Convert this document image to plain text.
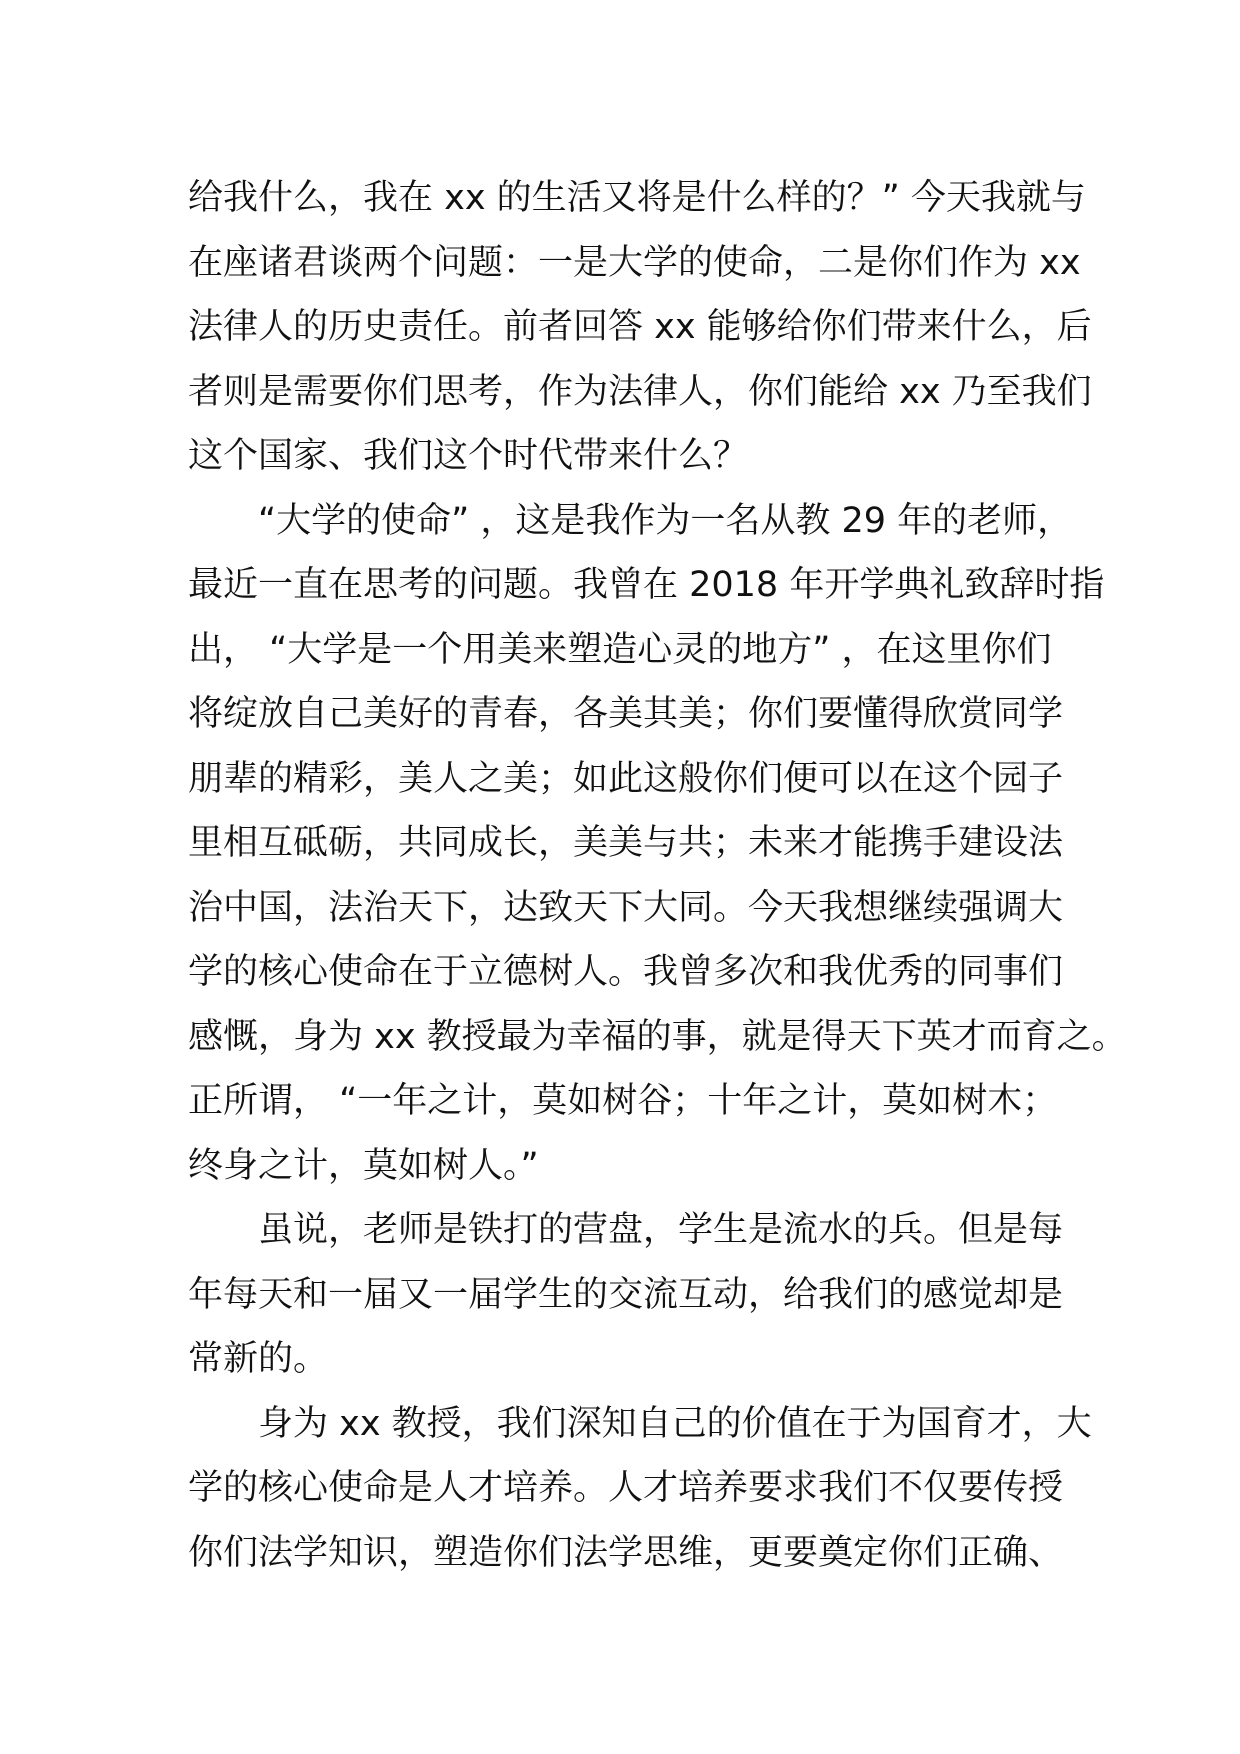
给我什么，我在 xx 的生活又将是什么样的？” 今天我就与
在座诸君谈两个问题：一是大学的使命，二是你们作为 xx
法律人的历史责任。前者回答 xx 能够给你们带来什么，后
者则是需要你们思考，作为法律人，你们能给 xx 乃至我们
这个国家、我们这个时代带来什么？
“大学的使命” ，这是我作为一名从教 29 年的老师，
最近一直在思考的问题。我曾在 2018 年开学典礼致辞时指
出， “大学是一个用美来塑造心灵的地方” ，在这里你们
将绽放自己美好的青春，各美其美；你们要懂得欣赏同学
朋辈的精彩，美人之美；如此这般你们便可以在这个园子
里相互砥砺，共同成长，美美与共；未来才能携手建设法
治中国，法治天下，达致天下大同。今天我想继续强调大
学的核心使命在于立德树人。我曾多次和我优秀的同事们
感慨，身为 xx 教授最为幸福的事，就是得天下英才而育之。
正所谓， “一年之计，莫如树谷；十年之计，莫如树木；
终身之计，莫如树人。”
虽说，老师是铁打的营盘，学生是流水的兵。但是每
年每天和一届又一届学生的交流互动，给我们的感觉却是
常新的。
身为 xx 教授，我们深知自己的价值在于为国育才，大
学的核心使命是人才培养。人才培养要求我们不仅要传授
你们法学知识，塑造你们法学思维，更要奠定你们正确、
